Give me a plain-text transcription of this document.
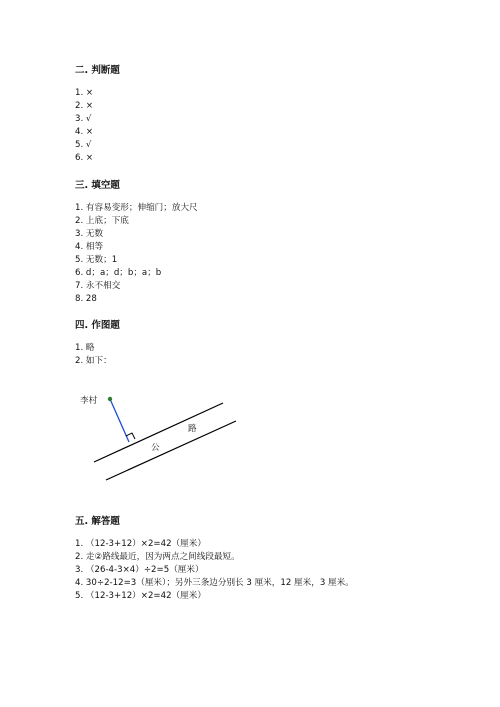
二. 判断题
1. ×
2. ×
3. √
4. ×
5. √
6. ×
三. 填空题
1. 有容易变形；伸缩门；放大尺
2. 上底；下底
3. 无数
4. 相等
5. 无数；1
6. d；a；d；b；a；b
7. 永不相交
8. 28
四. 作图题
1. 略
2. 如下：
李村
路
公
五. 解答题
1. （12-3+12）×2=42（厘米）
2. 走②路线最近，因为两点之间线段最短。
3. （26-4-3×4）÷2=5（厘米）
4. 30÷2-12=3（厘米）；另外三条边分别长 3 厘米，12 厘米，3 厘米。
5. （12-3+12）×2=42（厘米）
